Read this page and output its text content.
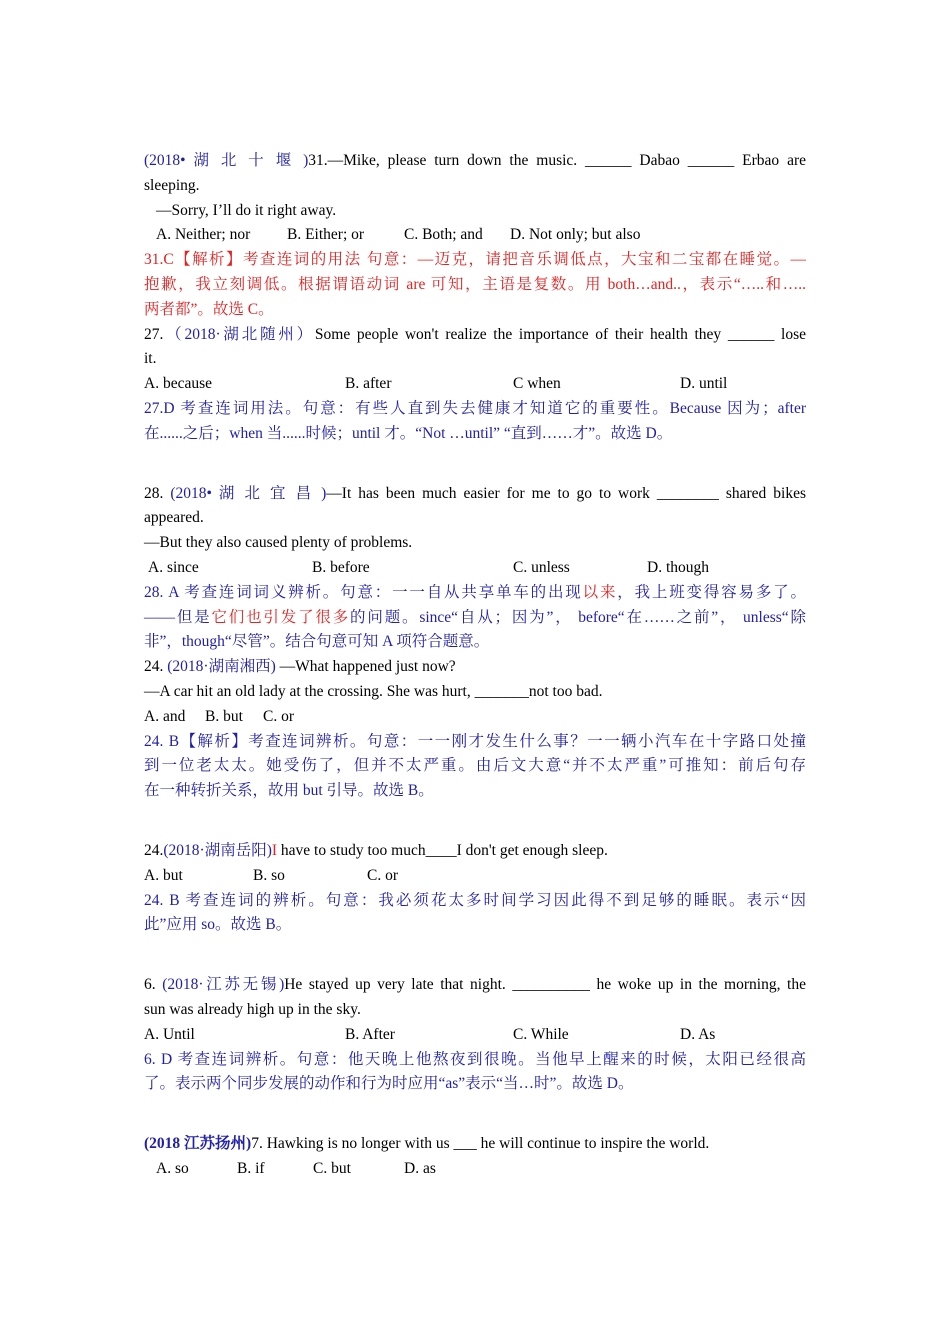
(2018• 湖 北 十 堰 )31.—Mike, please turn down the music. ______ Dabao ______ Erbao are
sleeping.
—Sorry, I’ll do it right away.
A. Neither; nor B. Either; or	C. Both; and D. Not only; but also
31.C【解析】考查连词的用法 句意：—迈克，请把音乐调低点，大宝和二宝都在睡觉。—
抱歉，我立刻调低。根据谓语动词 are 可知，主语是复数。用 both…and..，表示“…..和…..
两者都”。故选 C。
27.（2018·湖北随州）Some people won't realize the importance of their health they ______ lose
it.
A. because	B. after	C when	D. until
27.D 考查连词用法。句意：有些人直到失去健康才知道它的重要性。Because 因为；after
在......之后；when 当......时候；until 才。“Not …until” “直到……才”。故选 D。
28. (2018• 湖 北 宜 昌 )—It has been much easier for me to go to work ________ shared bikes
appeared.
—But they also caused plenty of problems.
A. since	B. before	C. unless	D. though
28. A 考查连词词义辨析。句意：一一自从共享单车的出现以来，我上班变得容易多了。
——但是它们也引发了很多的问题。since“自从；因为”， before“在……之前”， unless“除
非”，though“尽管”。结合句意可知 A 项符合题意。
24. (2018·湖南湘西) —What happened just now?
—A car hit an old lady at the crossing. She was hurt, _______not too bad.
A. and B. but C. or
24. B【解析】考查连词辨析。句意：一一刚才发生什么事？一一辆小汽车在十字路口处撞
到一位老太太。她受伤了，但并不太严重。由后文大意“并不太严重”可推知：前后句存
在一种转折关系，故用 but 引导。故选 B。
24.(2018·湖南岳阳)I have to study too much____I don't get enough sleep.
A. but	B. so	C. or
24. B 考查连词的辨析。句意：我必须花太多时间学习因此得不到足够的睡眠。表示“因
此”应用 so。故选 B。
6. (2018·江苏无锡)He stayed up very late that night. __________ he woke up in the morning, the
sun was already high up in the sky.
A. Until	B. After	C. While	D. As
6. D 考查连词辨析。句意：他天晚上他熬夜到很晚。当他早上醒来的时候，太阳已经很高
了。表示两个同步发展的动作和行为时应用“as”表示“当…时”。故选 D。
(2018 江苏扬州)7. Hawking is no longer with us ___ he will continue to inspire the world.
A. so	B. if	C. but	D. as
